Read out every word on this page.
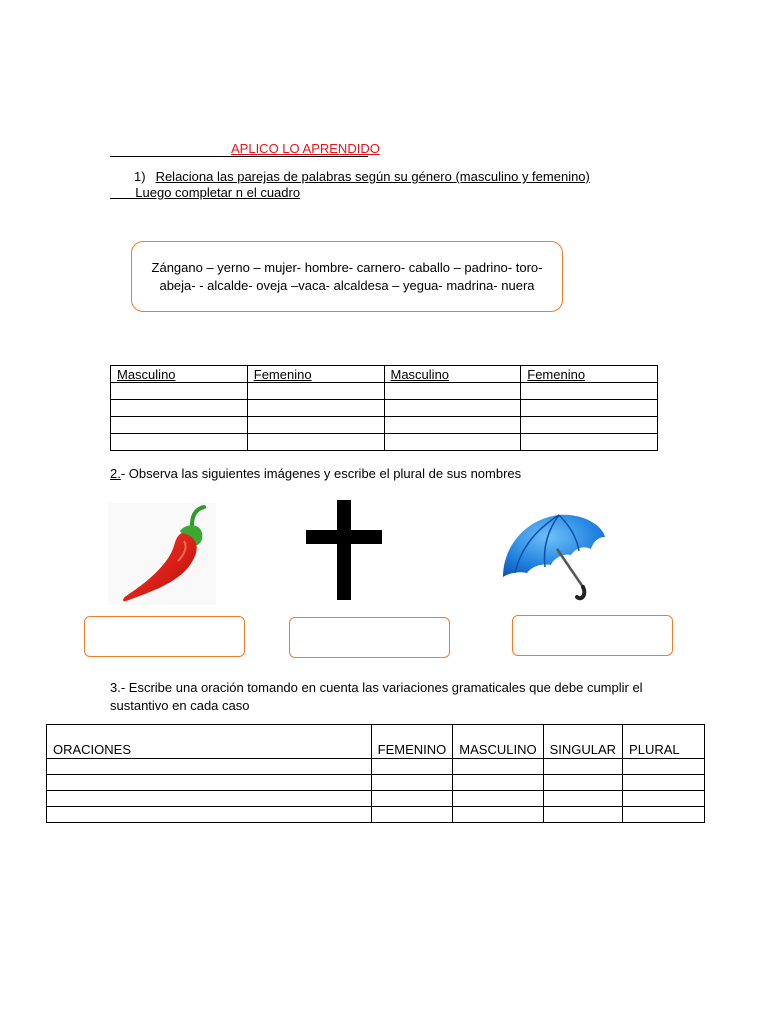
APLICO LO APRENDIDO
1) Relaciona las parejas de palabras según su género (masculino y femenino)
Luego completar n el cuadro
Zángano – yerno – mujer- hombre- carnero- caballo – padrino- toro-
abeja- - alcalde- oveja –vaca- alcaldesa – yegua- madrina- nuera
Masculino	Femenino	Masculino	Femenino

2.- Observa las siguientes imágenes y escribe el plural de sus nombres
3.- Escribe una oración tomando en cuenta las variaciones gramaticales que debe cumplir el sustantivo en cada caso
ORACIONES	FEMENINO	MASCULINO	SINGULAR	PLURAL
